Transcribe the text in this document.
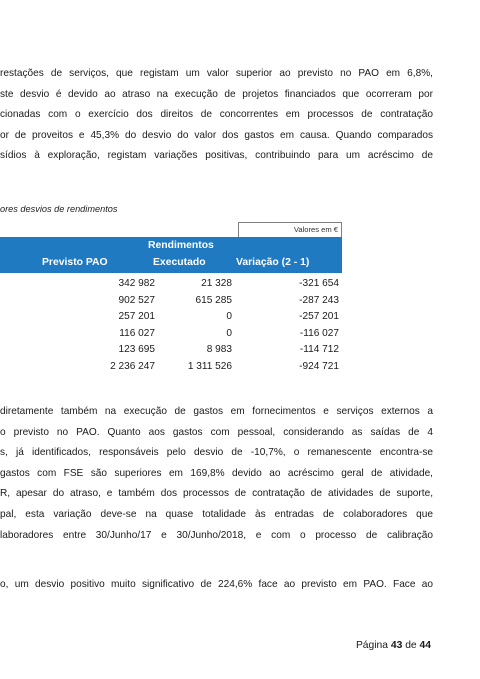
restações de serviços, que registam um valor superior ao previsto no PAO em 6,8%,
ste desvio é devido ao atraso na execução de projetos financiados que ocorreram por
cionadas com o exercício dos direitos de concorrentes em processos de contratação
or de proveitos e 45,3% do desvio do valor dos gastos em causa. Quando comparados
sídios à exploração, registam variações positivas, contribuindo para um acréscimo de
ores desvios de rendimentos
Valores em €
Rendimentos
Previsto PAO	Executado	Variação (2 - 1)
342 982	21 328	-321 654
902 527	615 285	-287 243
257 201	0	-257 201
116 027	0	-116 027
123 695	8 983	-114 712
2 236 247	1 311 526	-924 721
diretamente também na execução de gastos em fornecimentos e serviços externos a
o previsto no PAO. Quanto aos gastos com pessoal, considerando as saídas de 4
s, já identificados, responsáveis pelo desvio de -10,7%, o remanescente encontra-se
gastos com FSE são superiores em 169,8% devido ao acréscimo geral de atividade,
R, apesar do atraso, e também dos processos de contratação de atividades de suporte,
pal, esta variação deve-se na quase totalidade às entradas de colaboradores que
laboradores entre 30/Junho/17 e 30/Junho/2018, e com o processo de calibração
o, um desvio positivo muito significativo de 224,6% face ao previsto em PAO. Face ao
Página 43 de 44
